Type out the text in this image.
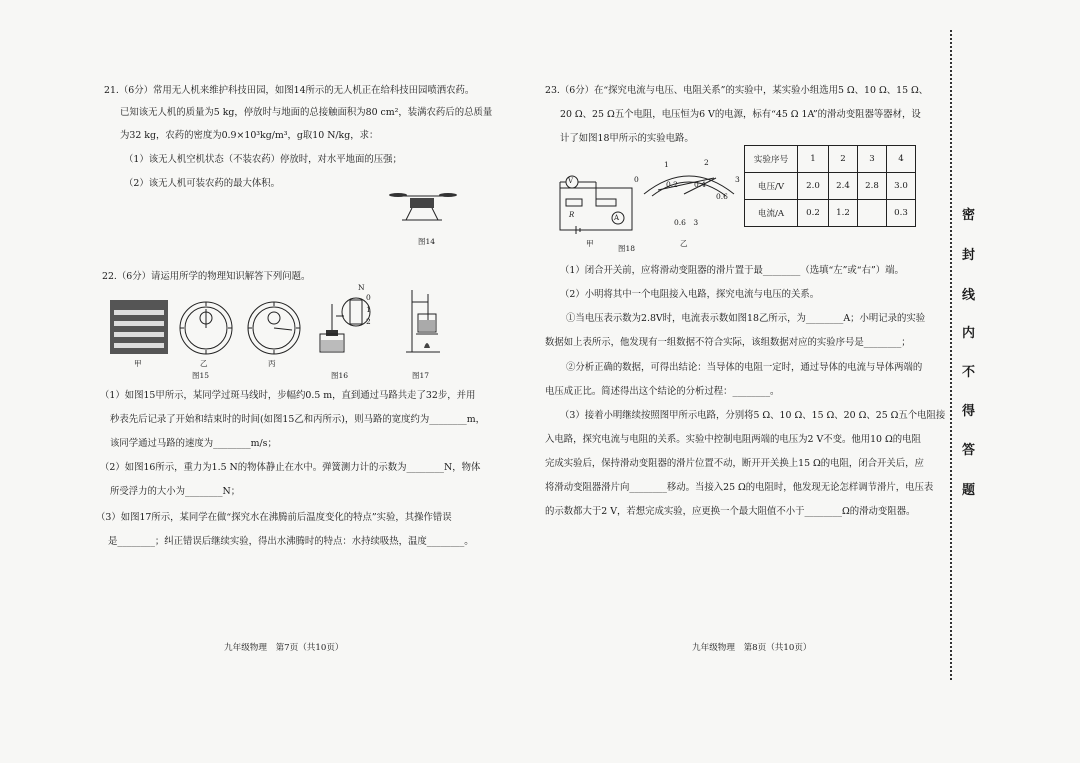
21.（6分）常用无人机来维护科技田园，如图14所示的无人机正在给科技田园喷洒农药。
已知该无人机的质量为5 kg，停放时与地面的总接触面积为80 cm²，装满农药后的总质量
为32 kg，农药的密度为0.9×10³kg/m³，g取10 N/kg，求：
（1）该无人机空机状态（不装农药）停放时，对水平地面的压强；
（2）该无人机可装农药的最大体积。
图14
22.（6分）请运用所学的物理知识解答下列问题。
甲	乙	丙
图15
N
0
1
2
图16	图17
（1）如图15甲所示，某同学过斑马线时，步幅约0.5 m，直到通过马路共走了32步，并用
秒表先后记录了开始和结束时的时间(如图15乙和丙所示)，则马路的宽度约为________m，
该同学通过马路的速度为________m/s；
（2）如图16所示，重力为1.5 N的物体静止在水中。弹簧测力计的示数为________N，物体
所受浮力的大小为________N；
（3）如图17所示，某同学在做“探究水在沸腾前后温度变化的特点”实验，其操作错误
是________；纠正错误后继续实验，得出水沸腾时的特点：水持续吸热，温度________。
九年级物理　第7页（共10页）
23.（6分）在“探究电流与电压、电阻关系”的实验中，某实验小组选用5 Ω、10 Ω、15 Ω、
20 Ω、25 Ω五个电阻，电压恒为6 V的电源，标有“45 Ω 1A”的滑动变阻器等器材，设
计了如图18甲所示的实验电路。
V
R	A
0
1	2
3
0.2 0.4
0.6
0.6　3
甲
图18
乙
实验序号	1	2	3	4
电压/V	2.0	2.4	2.8	3.0
电流/A	0.2	1.2		0.3
（1）闭合开关前，应将滑动变阻器的滑片置于最________（选填“左”或“右”）端。
（2）小明将其中一个电阻接入电路，探究电流与电压的关系。
①当电压表示数为2.8V时，电流表示数如图18乙所示，为________A；小明记录的实验
数据如上表所示，他发现有一组数据不符合实际，该组数据对应的实验序号是________；
②分析正确的数据，可得出结论：当导体的电阻一定时，通过导体的电流与导体两端的
电压成正比。简述得出这个结论的分析过程：________。
（3）接着小明继续按照图甲所示电路，分别将5 Ω、10 Ω、15 Ω、20 Ω、25 Ω五个电阻接
入电路，探究电流与电阻的关系。实验中控制电阻两端的电压为2 V不变。他用10 Ω的电阻
完成实验后，保持滑动变阻器的滑片位置不动，断开开关换上15 Ω的电阻，闭合开关后，应
将滑动变阻器滑片向________移动。当接入25 Ω的电阻时，他发现无论怎样调节滑片，电压表
的示数都大于2 V，若想完成实验，应更换一个最大阻值不小于________Ω的滑动变阻器。
九年级物理　第8页（共10页）
密
封
线
内
不
得
答
题
